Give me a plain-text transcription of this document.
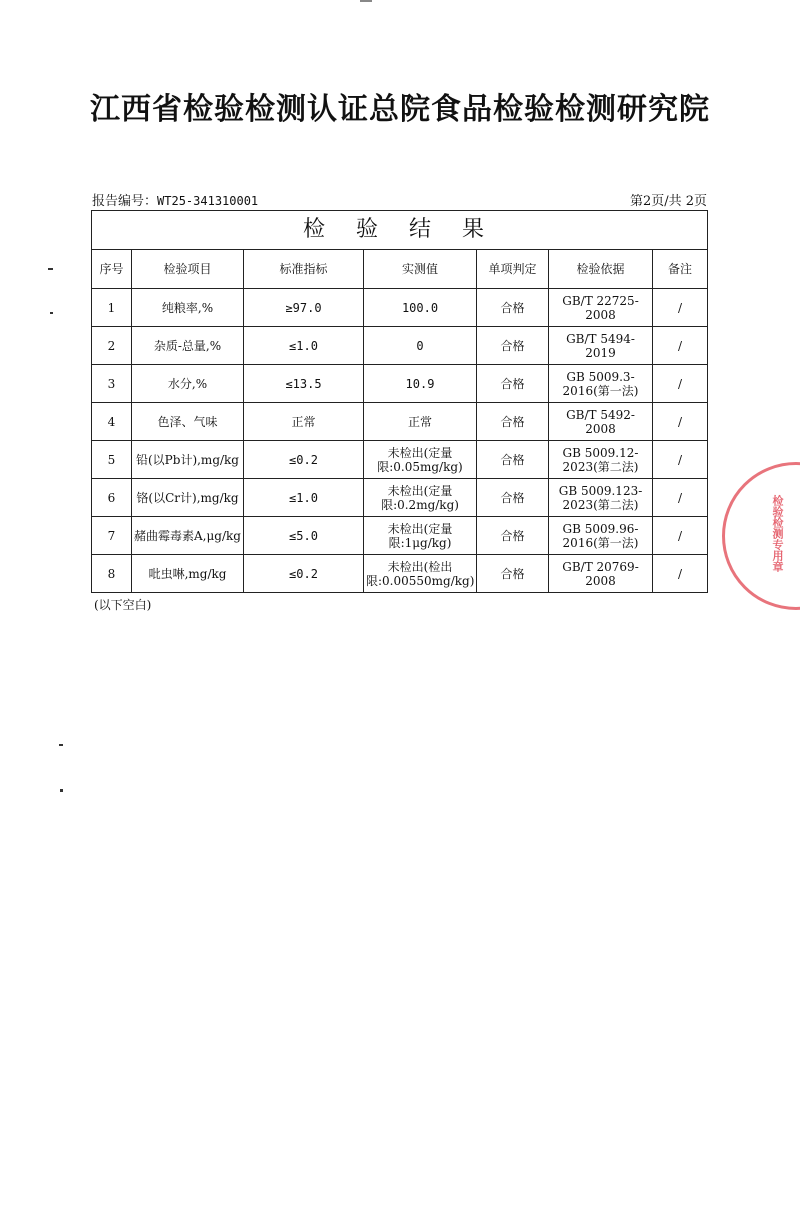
江西省检验检测认证总院食品检验检测研究院
报告编号：WT25-341310001	第2页/共 2页
检 验 结 果						
序号	检验项目	标准指标	实测值	单项判定	检验依据	备注
1	纯粮率,%	≥97.0	100.0	合格	GB/T 22725-2008	/
2	杂质-总量,%	≤1.0	0	合格	GB/T 5494-2019	/
3	水分,%	≤13.5	10.9	合格	GB 5009.3-2016(第一法)	/
4	色泽、气味	正常	正常	合格	GB/T 5492-2008	/
5	铅(以Pb计),mg/kg	≤0.2	未检出(定量限:0.05mg/kg)	合格	GB 5009.12-2023(第二法)	/
6	铬(以Cr计),mg/kg	≤1.0	未检出(定量限:0.2mg/kg)	合格	GB 5009.123-2023(第二法)	/
7	赭曲霉毒素A,μg/kg	≤5.0	未检出(定量限:1μg/kg)	合格	GB 5009.96-2016(第一法)	/
8	吡虫啉,mg/kg	≤0.2	未检出(检出限:0.00550mg/kg)	合格	GB/T 20769-2008	/
(以下空白)
检验检测专用章
